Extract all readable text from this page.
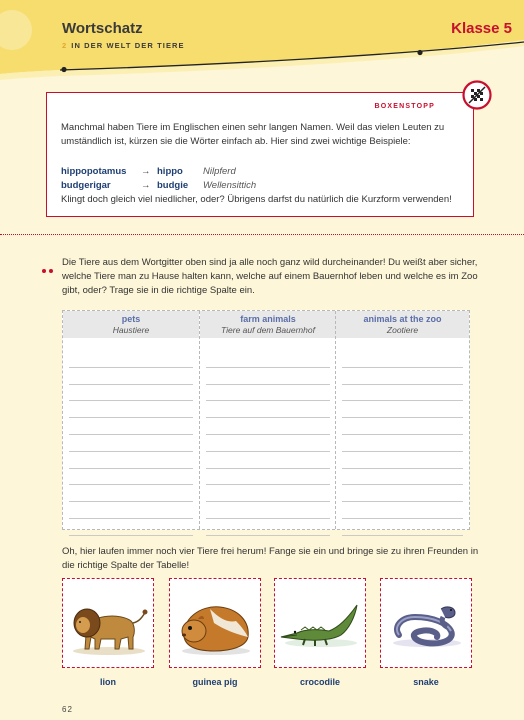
Wortschatz
2 IN DER WELT DER TIERE
Klasse 5
BOXENSTOPP
Manchmal haben Tiere im Englischen einen sehr langen Namen. Weil das vielen Leuten zu umständlich ist, kürzen sie die Wörter einfach ab. Hier sind zwei wichtige Beispiele:
hippopotamus → hippo Nilpferd
budgerigar	→ budgie Wellensittich
Klingt doch gleich viel niedlicher, oder? Übrigens darfst du natürlich die Kurzform verwenden!
Die Tiere aus dem Wortgitter oben sind ja alle noch ganz wild durcheinander! Du weißt aber sicher, welche Tiere man zu Hause halten kann, welche auf einem Bauernhof leben und welche es im Zoo gibt, oder? Trage sie in die richtige Spalte ein.
pets
Haustiere
farm animals
Tiere auf dem Bauernhof
animals at the zoo
Zootiere
Oh, hier laufen immer noch vier Tiere frei herum! Fange sie ein und bringe sie zu ihren Freunden in die richtige Spalte der Tabelle!
lion	guinea pig	crocodile	snake
62
